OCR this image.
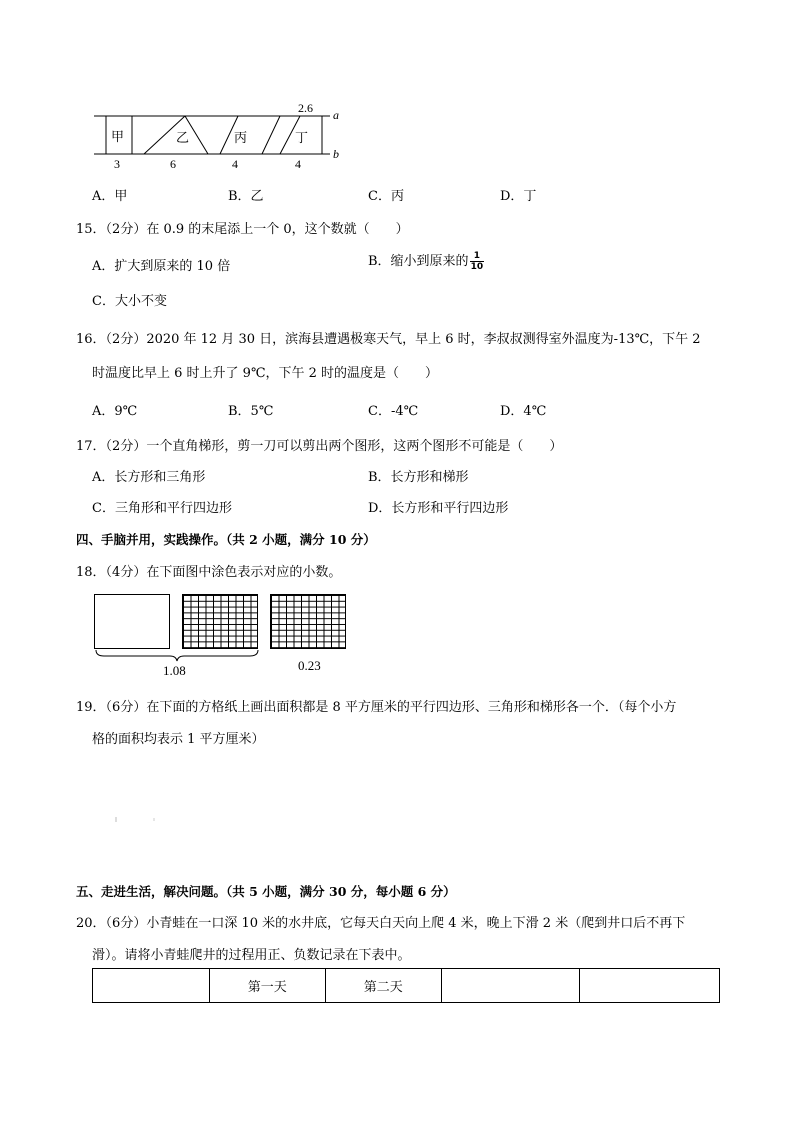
2.6 a
b
甲	乙	丙	丁
3	6	4	4
A．甲	B．乙	C．丙	D．丁
15．（2分）在 0.9 的末尾添上一个 0，这个数就（　　）
A．扩大到原来的 10 倍	B．缩小到原来的 $\frac{1}{10}$
C．大小不变
16．（2分）2020 年 12 月 30 日，滨海县遭遇极寒天气，早上 6 时，李叔叔测得室外温度为-13℃，下午 2
时温度比早上 6 时上升了 9℃，下午 2 时的温度是（　　）
A．9℃	B．5℃	C．-4℃	D．4℃
17．（2分）一个直角梯形，剪一刀可以剪出两个图形，这两个图形不可能是（　　）
A．长方形和三角形	B．长方形和梯形
C．三角形和平行四边形	D．长方形和平行四边形
四、手脑并用，实践操作。（共 2 小题，满分 10 分）
18．（4分）在下面图中涂色表示对应的小数。
1.08	0.23
19．（6分）在下面的方格纸上画出面积都是 8 平方厘米的平行四边形、三角形和梯形各一个．（每个小方
格的面积均表示 1 平方厘米）
五、走进生活，解决问题。（共 5 小题，满分 30 分，每小题 6 分）
20．（6分）小青蛙在一口深 10 米的水井底，它每天白天向上爬 4 米，晚上下滑 2 米（爬到井口后不再下
滑）。请将小青蛙爬井的过程用正、负数记录在下表中。
	第一天	第二天		
